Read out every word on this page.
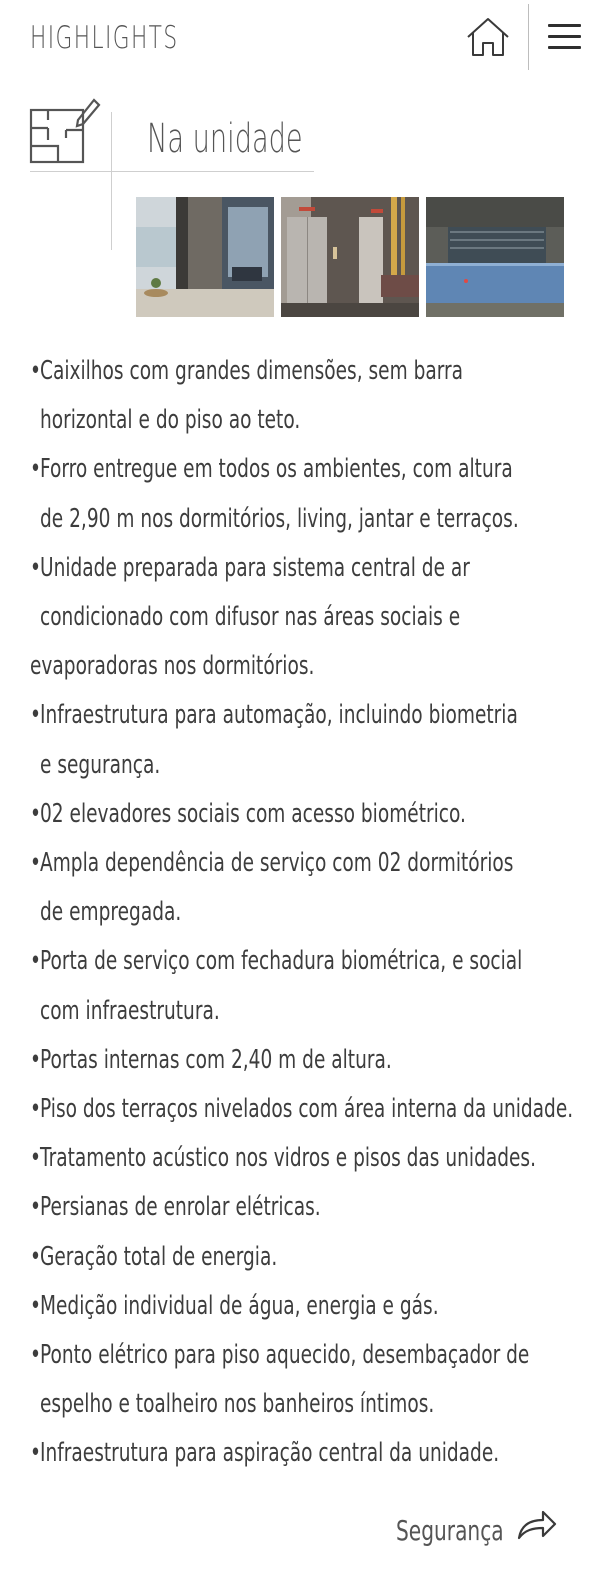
HIGHLIGHTS
Na unidade
•Caixilhos com grandes dimensões, sem barra
horizontal e do piso ao teto.
•Forro entregue em todos os ambientes, com altura
de 2,90 m nos dormitórios, living, jantar e terraços.
•Unidade preparada para sistema central de ar
condicionado com difusor nas áreas sociais e
evaporadoras nos dormitórios.
•Infraestrutura para automação, incluindo biometria
e segurança.
•02 elevadores sociais com acesso biométrico.
•Ampla dependência de serviço com 02 dormitórios
de empregada.
•Porta de serviço com fechadura biométrica, e social
com infraestrutura.
•Portas internas com 2,40 m de altura.
•Piso dos terraços nivelados com área interna da unidade.
•Tratamento acústico nos vidros e pisos das unidades.
•Persianas de enrolar elétricas.
•Geração total de energia.
•Medição individual de água, energia e gás.
•Ponto elétrico para piso aquecido, desembaçador de
espelho e toalheiro nos banheiros íntimos.
•Infraestrutura para aspiração central da unidade.
Segurança
